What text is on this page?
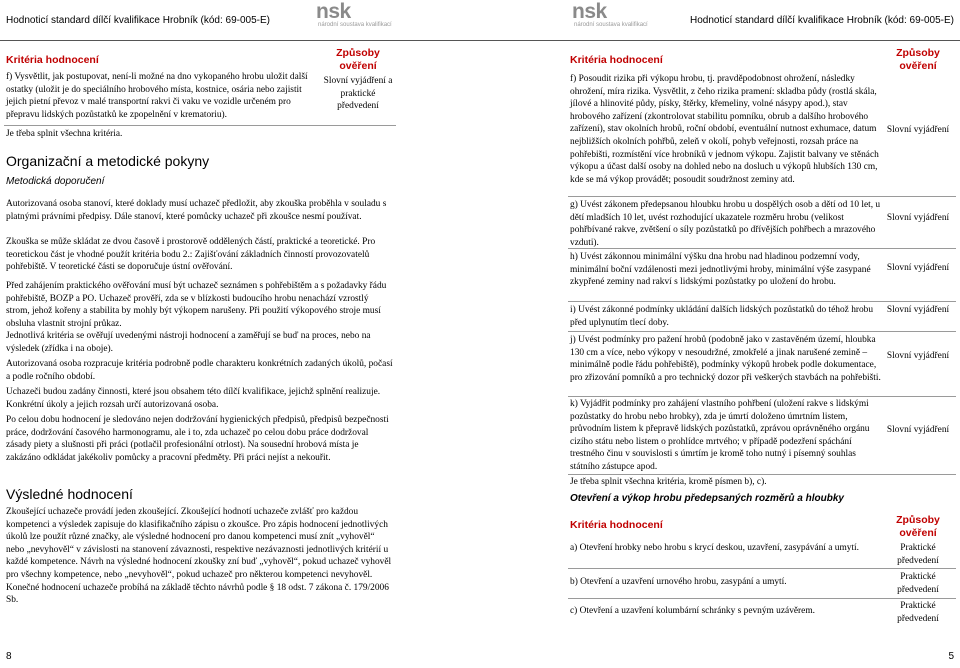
Hodnoticí standard dílčí kvalifikace Hrobník (kód: 69-005-E) nsk
národní soustava kvalifikací
Kritéria hodnocení
Způsoby ověření
f) Vysvětlit, jak postupovat, není-li možné na dno vykopaného hrobu uložit další ostatky (uložit je do speciálního hrobového místa, kostnice, osária nebo zajistit jejich pietní převoz v malé transportní rakvi či vaku ve vozidle určeném pro přepravu lidských pozůstatků ke zpopelnění v krematoriu).
Slovní vyjádření a praktické předvedení
Je třeba splnit všechna kritéria.
Organizační a metodické pokyny
Metodická doporučení
Autorizovaná osoba stanoví, které doklady musí uchazeč předložit, aby zkouška proběhla v souladu s platnými právními předpisy. Dále stanoví, které pomůcky uchazeč při zkoušce nesmí používat.
Zkouška se může skládat ze dvou časově i prostorově oddělených částí, praktické a teoretické. Pro teoretickou část je vhodné použít kritéria bodu 2.: Zajišťování základních činností provozovatelů pohřebiště. V teoretické části se doporučuje ústní ověřování.
Před zahájením praktického ověřování musí být uchazeč seznámen s pohřebištěm a s požadavky řádu pohřebiště, BOZP a PO. Uchazeč prověří, zda se v blízkosti budoucího hrobu nenachází vzrostlý strom, jehož kořeny a stabilita by mohly být výkopem narušeny. Při použití výkopového stroje musí obsluha vlastnit strojní průkaz.
Jednotlivá kritéria se ověřují uvedenými nástroji hodnocení a zaměřují se buď na proces, nebo na výsledek (zřídka i na oboje).
Autorizovaná osoba rozpracuje kritéria podrobně podle charakteru konkrétních zadaných úkolů, počasí a podle ročního období.
Uchazeči budou zadány činnosti, které jsou obsahem této dílčí kvalifikace, jejichž splnění realizuje. Konkrétní úkoly a jejich rozsah určí autorizovaná osoba.
Po celou dobu hodnocení je sledováno nejen dodržování hygienických předpisů, předpisů bezpečnosti práce, dodržování časového harmonogramu, ale i to, zda uchazeč po celou dobu práce dodržoval zásady piety a slušnosti při práci (potlačil profesionální otrlost). Na sousední hrobová místa je zakázáno odkládat jakékoliv pomůcky a pracovní předměty. Při práci nejíst a nekouřit.
Výsledné hodnocení
Zkoušející uchazeče provádí jeden zkoušející. Zkoušející hodnotí uchazeče zvlášť pro každou kompetenci a výsledek zapisuje do klasifikačního zápisu o zkoušce. Pro zápis hodnocení jednotlivých úkolů lze použít různé značky, ale výsledné hodnocení pro danou kompetenci musí znít „vyhověl“ nebo „nevyhověl“ v závislosti na stanovení závaznosti, respektive nezávaznosti jednotlivých kritérií u každé kompetence. Návrh na výsledné hodnocení zkoušky zní buď „vyhověl“, pokud uchazeč vyhověl pro všechny kompetence, nebo „nevyhověl“, pokud uchazeč pro některou kompetenci nevyhověl. Konečné hodnocení uchazeče probíhá na základě těchto návrhů podle § 18 odst. 7 zákona č. 179/2006 Sb.
8
nsk
národní soustava kvalifikací	Hodnoticí standard dílčí kvalifikace Hrobník (kód: 69-005-E)
Kritéria hodnocení
Způsoby ověření
f) Posoudit rizika při výkopu hrobu, tj. pravděpodobnost ohrožení, následky ohrožení, míra rizika. Vysvětlit, z čeho rizika pramení: skladba půdy (rostlá skála, jílové a hlinovité půdy, písky, štěrky, křemeliny, volné násypy apod.), stav hrobového zařízení (zkontrolovat stabilitu pomníku, obrub a dalšího hrobového zařízení), stav okolních hrobů, roční období, eventuální nutnost exhumace, datum nejbližších okolních pohřbů, zeleň v okolí, pohyb veřejnosti, rozsah práce na pohřebišti, rozmístění více hrobníků v jednom výkopu. Zajistit balvany ve stěnách výkopu a účast další osoby na dohled nebo na dosluch u výkopů hlubších 130 cm, kde se má výkop provádět; posoudit soudržnost zeminy atd.
Slovní vyjádření
g) Uvést zákonem předepsanou hloubku hrobu u dospělých osob a dětí od 10 let, u dětí mladších 10 let, uvést rozhodující ukazatele rozměru hrobu (velikost pohřbívané rakve, zvětšení o síly pozůstatků po dřívějších pohřbech a mrazového vzduti).
Slovní vyjádření
h) Uvést zákonnou minimální výšku dna hrobu nad hladinou podzemní vody, minimální boční vzdálenosti mezi jednotlivými hroby, minimální výše zasypané zkypřené zeminy nad rakví s lidskými pozůstatky po uložení do hrobu.
Slovní vyjádření
i) Uvést zákonné podmínky ukládání dalších lidských pozůstatků do téhož hrobu před uplynutím tlecí doby.
Slovní vyjádření
j) Uvést podmínky pro pažení hrobů (podobně jako v zastavěném území, hloubka 130 cm a více, nebo výkopy v nesoudržné, zmokřelé a jinak narušené zemině – minimálně podle řádu pohřebiště), podmínky výkopů hrobek podle dokumentace, pro zřizování pomníků a pro technický dozor při veškerých stavbách na pohřebišti.
Slovní vyjádření
k) Vyjádřit podmínky pro zahájení vlastního pohřbení (uložení rakve s lidskými pozůstatky do hrobu nebo hrobky), zda je úmrtí doloženo úmrtním listem, průvodním listem k přepravě lidských pozůstatků, zprávou oprávněného orgánu cizího státu nebo listem o prohlídce mrtvého; v případě podezření spáchání trestného činu v souvislosti s úmrtím je kromě toho nutný i písemný souhlas státního zástupce apod.
Slovní vyjádření
Je třeba splnit všechna kritéria, kromě písmen b), c).
Otevření a výkop hrobu předepsaných rozměrů a hloubky
Kritéria hodnocení	Způsoby ověření
a) Otevření hrobky nebo hrobu s krycí deskou, uzavření, zasypávání a umytí.	Praktické předvedení
b) Otevření a uzavření urnového hrobu, zasypání a umytí.	Praktické předvedení
c) Otevření a uzavření kolumbární schránky s pevným uzávěrem.	Praktické předvedení
5
